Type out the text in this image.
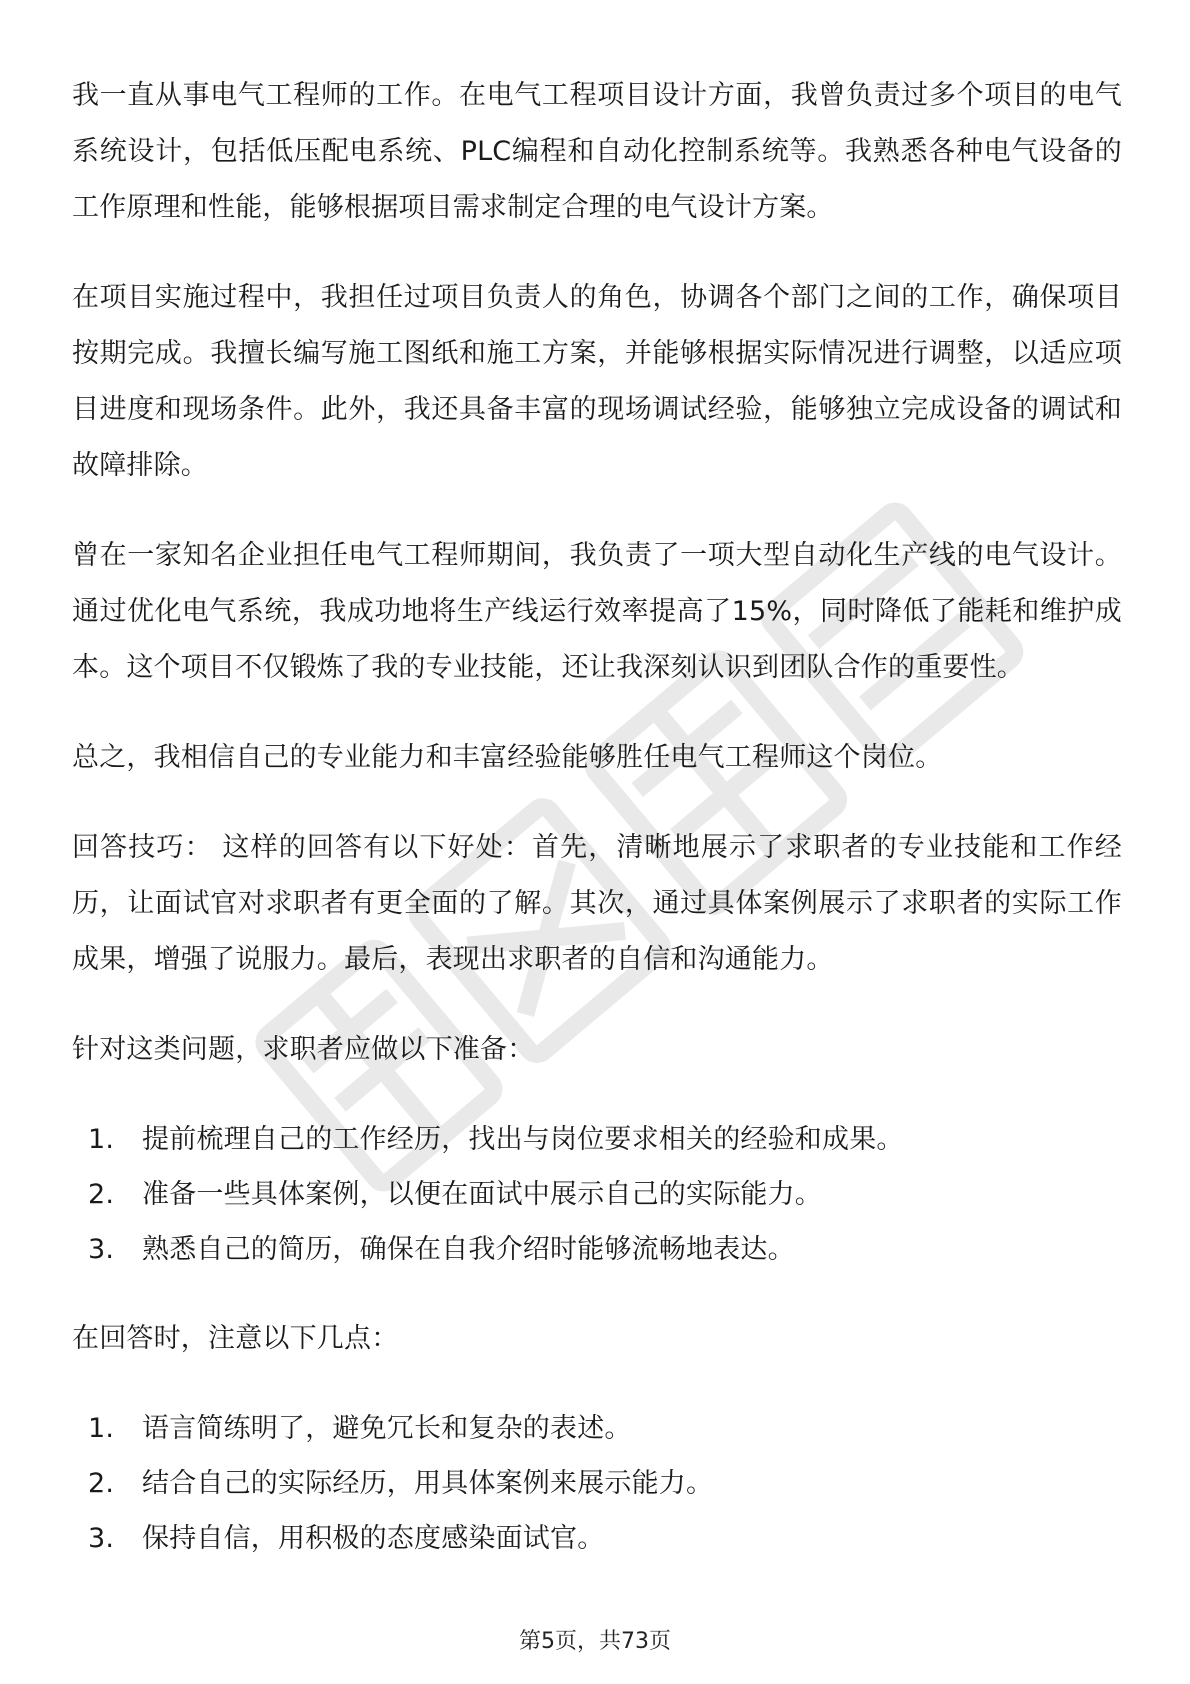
我一直从事电气工程师的工作。在电气工程项目设计方面，我曾负责过多个项目的电气系统设计，包括低压配电系统、PLC编程和自动化控制系统等。我熟悉各种电气设备的工作原理和性能，能够根据项目需求制定合理的电气设计方案。

在项目实施过程中，我担任过项目负责人的角色，协调各个部门之间的工作，确保项目按期完成。我擅长编写施工图纸和施工方案，并能够根据实际情况进行调整，以适应项目进度和现场条件。此外，我还具备丰富的现场调试经验，能够独立完成设备的调试和故障排除。

曾在一家知名企业担任电气工程师期间，我负责了一项大型自动化生产线的电气设计。通过优化电气系统，我成功地将生产线运行效率提高了15%，同时降低了能耗和维护成本。这个项目不仅锻炼了我的专业技能，还让我深刻认识到团队合作的重要性。

总之，我相信自己的专业能力和丰富经验能够胜任电气工程师这个岗位。

回答技巧： 这样的回答有以下好处：首先，清晰地展示了求职者的专业技能和工作经历，让面试官对求职者有更全面的了解。其次，通过具体案例展示了求职者的实际工作成果，增强了说服力。最后，表现出求职者的自信和沟通能力。

针对这类问题，求职者应做以下准备：

1.	提前梳理自己的工作经历，找出与岗位要求相关的经验和成果。
2.	准备一些具体案例，以便在面试中展示自己的实际能力。
3.	熟悉自己的简历，确保在自我介绍时能够流畅地表达。

在回答时，注意以下几点：

1.	语言简练明了，避免冗长和复杂的表述。
2.	结合自己的实际经历，用具体案例来展示能力。
3.	保持自信，用积极的态度感染面试官。
第5页，共73页
